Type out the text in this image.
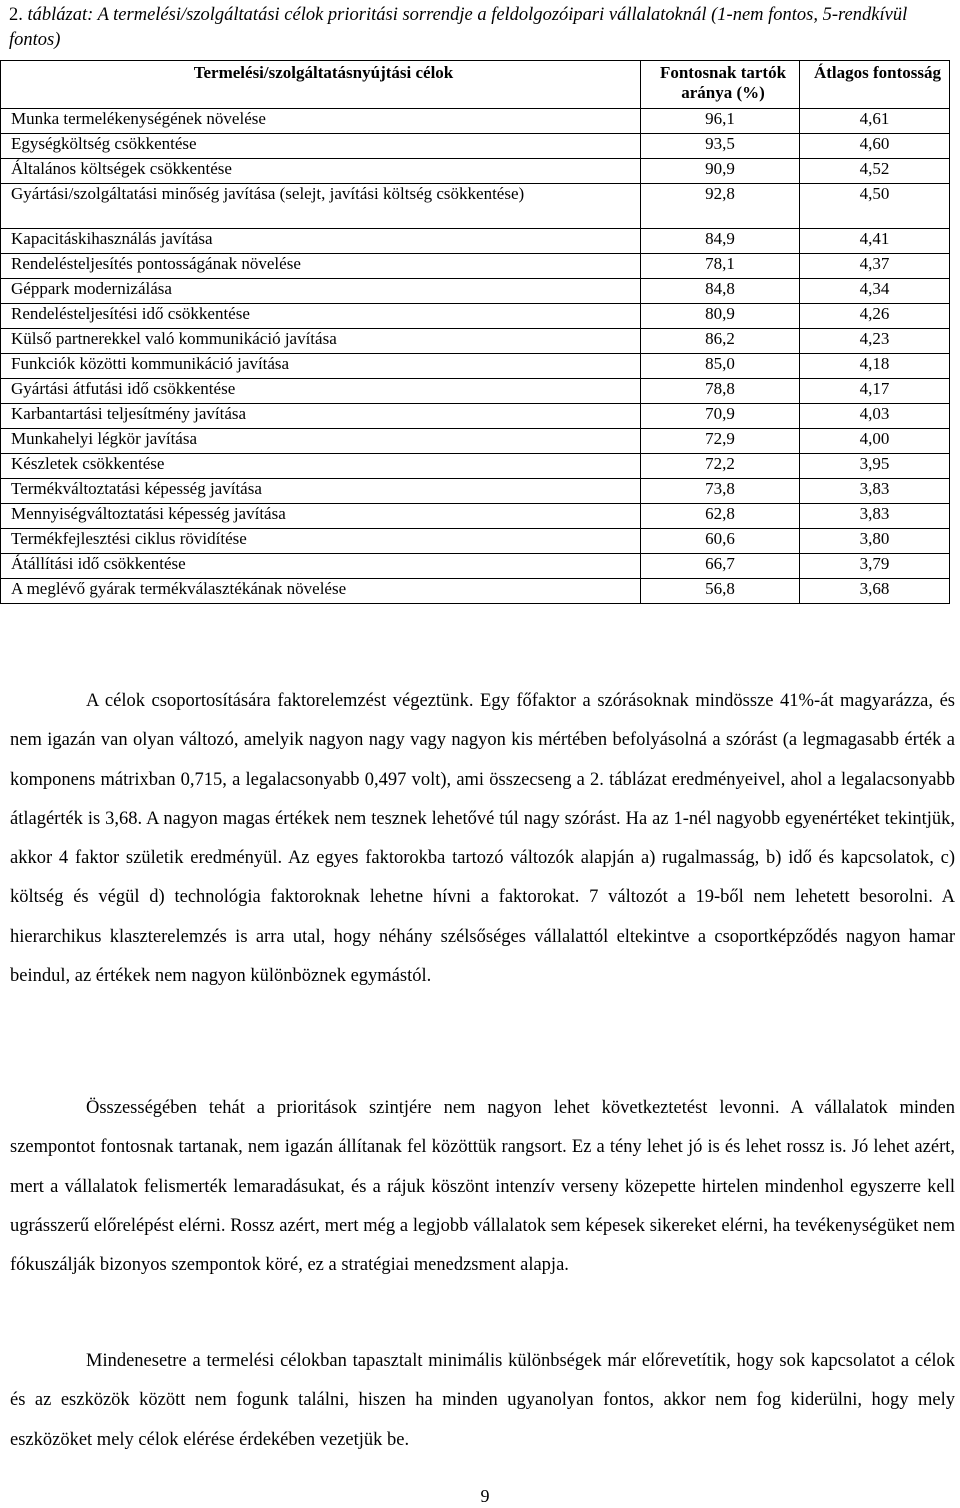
2. táblázat: A termelési/szolgáltatási célok prioritási sorrendje a feldolgozóipari vállalatoknál (1-nem fontos, 5-rendkívül fontos)
Termelési/szolgáltatásnyújtási célok	Fontosnak tartók aránya (%)	Átlagos fontosság
Munka termelékenységének növelése	96,1	4,61
Egységköltség csökkentése	93,5	4,60
Általános költségek csökkentése	90,9	4,52
Gyártási/szolgáltatási minőség javítása (selejt, javítási költség csökkentése)	92,8	4,50
Kapacitáskihasználás javítása	84,9	4,41
Rendelésteljesítés pontosságának növelése	78,1	4,37
Géppark modernizálása	84,8	4,34
Rendelésteljesítési idő csökkentése	80,9	4,26
Külső partnerekkel való kommunikáció javítása	86,2	4,23
Funkciók közötti kommunikáció javítása	85,0	4,18
Gyártási átfutási idő csökkentése	78,8	4,17
Karbantartási teljesítmény javítása	70,9	4,03
Munkahelyi légkör javítása	72,9	4,00
Készletek csökkentése	72,2	3,95
Termékváltoztatási képesség javítása	73,8	3,83
Mennyiségváltoztatási képesség javítása	62,8	3,83
Termékfejlesztési ciklus rövidítése	60,6	3,80
Átállítási idő csökkentése	66,7	3,79
A meglévő gyárak termékválasztékának növelése	56,8	3,68

A célok csoportosítására faktorelemzést végeztünk. Egy főfaktor a szórásoknak mindössze 41%-át magyarázza, és nem igazán van olyan változó, amelyik nagyon nagy vagy nagyon kis mértében befolyásolná a szórást (a legmagasabb érték a komponens mátrixban 0,715, a legalacsonyabb 0,497 volt), ami összecseng a 2. táblázat eredményeivel, ahol a legalacsonyabb átlagérték is 3,68. A nagyon magas értékek nem tesznek lehetővé túl nagy szórást. Ha az 1-nél nagyobb egyenértéket tekintjük, akkor 4 faktor születik eredményül. Az egyes faktorokba tartozó változók alapján a) rugalmasság, b) idő és kapcsolatok, c) költség és végül d) technológia faktoroknak lehetne hívni a faktorokat. 7 változót a 19-ből nem lehetett besorolni. A hierarchikus klaszterelemzés is arra utal, hogy néhány szélsőséges vállalattól eltekintve a csoportképződés nagyon hamar beindul, az értékek nem nagyon különböznek egymástól.

Összességében tehát a prioritások szintjére nem nagyon lehet következtetést levonni. A vállalatok minden szempontot fontosnak tartanak, nem igazán állítanak fel közöttük rangsort. Ez a tény lehet jó is és lehet rossz is. Jó lehet azért, mert a vállalatok felismerték lemaradásukat, és a rájuk köszönt intenzív verseny közepette hirtelen mindenhol egyszerre kell ugrásszerű előrelépést elérni. Rossz azért, mert még a legjobb vállalatok sem képesek sikereket elérni, ha tevékenységüket nem fókuszálják bizonyos szempontok köré, ez a stratégiai menedzsment alapja.

Mindenesetre a termelési célokban tapasztalt minimális különbségek már előrevetítik, hogy sok kapcsolatot a célok és az eszközök között nem fogunk találni, hiszen ha minden ugyanolyan fontos, akkor nem fog kiderülni, hogy mely eszközöket mely célok elérése érdekében vezetjük be.

9
